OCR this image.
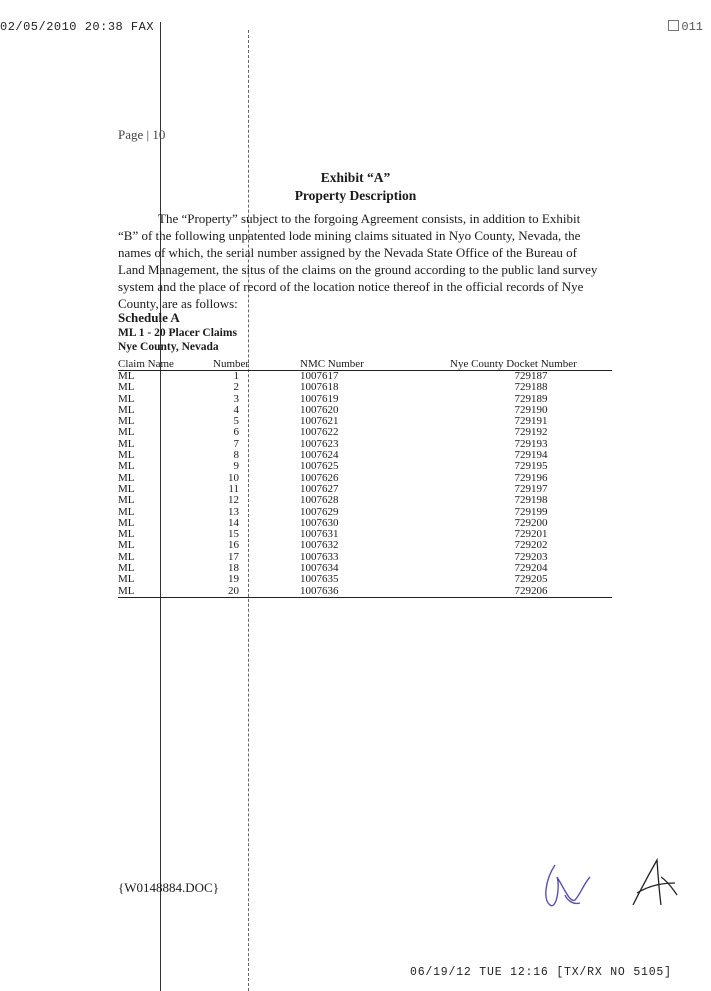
02/05/2010 20:38 FAX	011
Page | 10
Exhibit “A”
Property Description

The “Property” subject to the forgoing Agreement consists, in addition to Exhibit “B” of the following unpatented lode mining claims situated in Nyo County, Nevada, the names of which, the serial number assigned by the Nevada State Office of the Bureau of Land Management, the situs of the claims on the ground according to the public land survey system and the place of record of the location notice thereof in the official records of Nye County, are as follows:

Schedule A
ML 1 - 20 Placer Claims
Nye County, Nevada
Claim Name	Number	NMC Number	Nye County Docket Number
ML	1	1007617	729187
ML	2	1007618	729188
ML	3	1007619	729189
ML	4	1007620	729190
ML	5	1007621	729191
ML	6	1007622	729192
ML	7	1007623	729193
ML	8	1007624	729194
ML	9	1007625	729195
ML	10	1007626	729196
ML	11	1007627	729197
ML	12	1007628	729198
ML	13	1007629	729199
ML	14	1007630	729200
ML	15	1007631	729201
ML	16	1007632	729202
ML	17	1007633	729203
ML	18	1007634	729204
ML	19	1007635	729205
ML	20	1007636	729206
{W0148884.DOC}
06/19/12 TUE 12:16 [TX/RX NO 5105]
